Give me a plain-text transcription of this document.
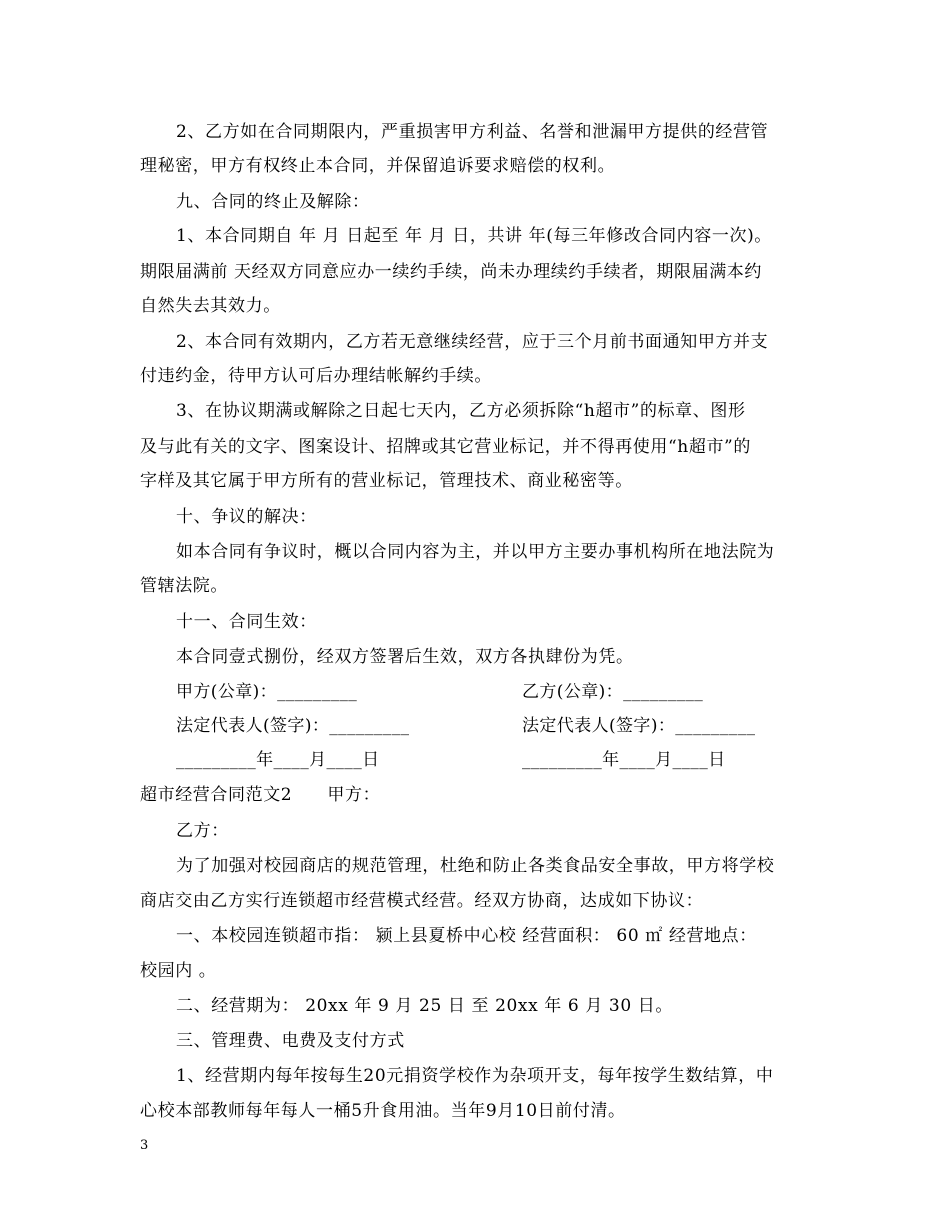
2、乙方如在合同期限内，严重损害甲方利益、名誉和泄漏甲方提供的经营管
理秘密，甲方有权终止本合同，并保留追诉要求赔偿的权利。
九、合同的终止及解除：
1、本合同期自 年 月 日起至 年 月 日，共讲 年(每三年修改合同内容一次)。
期限届满前 天经双方同意应办一续约手续，尚未办理续约手续者，期限届满本约
自然失去其效力。
2、本合同有效期内，乙方若无意继续经营，应于三个月前书面通知甲方并支
付违约金，待甲方认可后办理结帐解约手续。
3、在协议期满或解除之日起七天内，乙方必须拆除“h超市”的标章、图形
及与此有关的文字、图案设计、招牌或其它营业标记，并不得再使用“h超市”的
字样及其它属于甲方所有的营业标记，管理技术、商业秘密等。
十、争议的解决：
如本合同有争议时，概以合同内容为主，并以甲方主要办事机构所在地法院为
管辖法院。
十一、合同生效：
本合同壹式捌份，经双方签署后生效，双方各执肆份为凭。
甲方(公章)：_________	乙方(公章)：_________
法定代表人(签字)：_________	法定代表人(签字)：_________
_________年____月____日	_________年____月____日
超市经营合同范文2　　甲方：
乙方：
为了加强对校园商店的规范管理，杜绝和防止各类食品安全事故，甲方将学校
商店交由乙方实行连锁超市经营模式经营。经双方协商，达成如下协议：
一、本校园连锁超市指： 颍上县夏桥中心校 经营面积： 60 ㎡ 经营地点：
校园内 。
二、经营期为： 20xx 年 9 月 25 日 至 20xx 年 6 月 30 日。
三、管理费、电费及支付方式
1、经营期内每年按每生20元捐资学校作为杂项开支，每年按学生数结算，中
心校本部教师每年每人一桶5升食用油。当年9月10日前付清。
3
